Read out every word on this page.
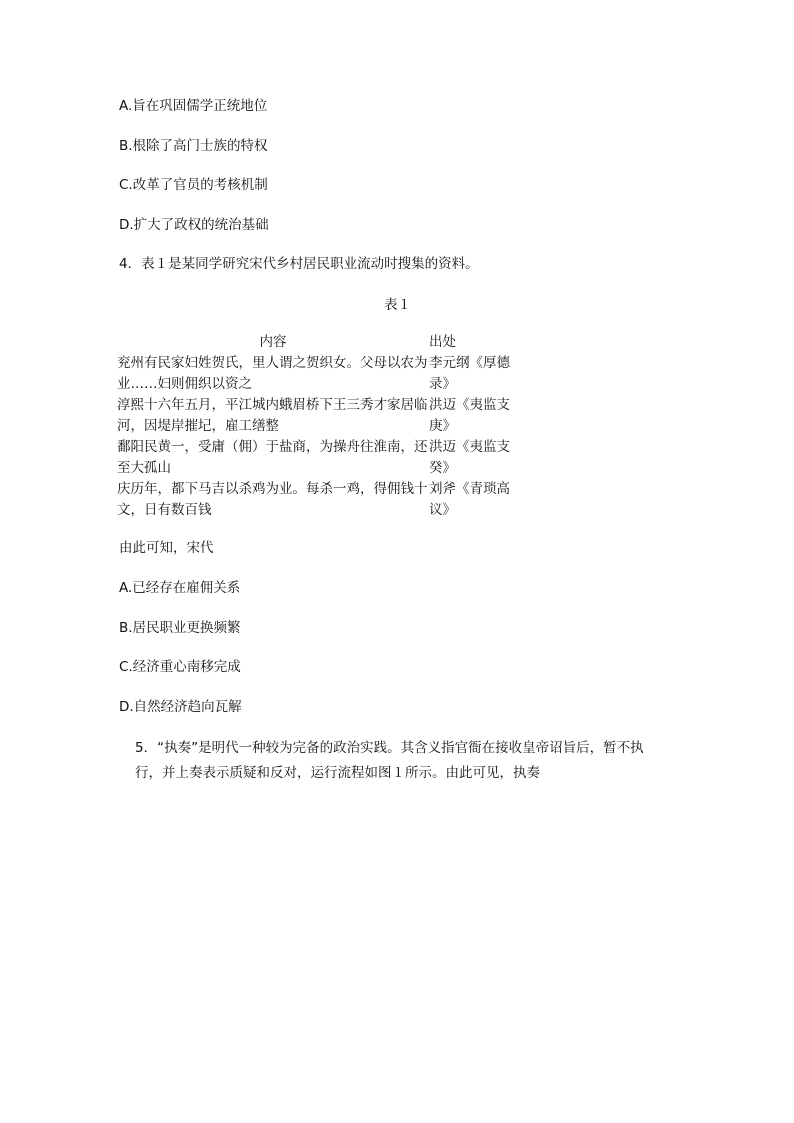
A.旨在巩固儒学正统地位
B.根除了高门士族的特权
C.改革了官员的考核机制
D.扩大了政权的统治基础
4．表１是某同学研究宋代乡村居民职业流动时搜集的资料。
表１
内容	出处
兖州有民家妇姓贺氏，里人谓之贺织女。父母以农为业……妇则佣织以资之	李元纲《厚德录》
淳熙十六年五月，平江城内蛾眉桥下王三秀才家居临河，因堤岸摧圮，雇工缮整	洪迈《夷监支庚》
鄱阳民黄一，受庸（佣）于盐商，为操舟往淮南，还至大孤山	洪迈《夷监支癸》
庆历年，都下马吉以杀鸡为业。每杀一鸡，得佣钱十文，日有数百钱	刘斧《青琐高议》
由此可知，宋代
A.已经存在雇佣关系
B.居民职业更换频繁
C.经济重心南移完成
D.自然经济趋向瓦解
5．“执奏”是明代一种较为完备的政治实践。其含义指官衙在接收皇帝诏旨后，暂不执
行，并上奏表示质疑和反对，运行流程如图１所示。由此可见，执奏
